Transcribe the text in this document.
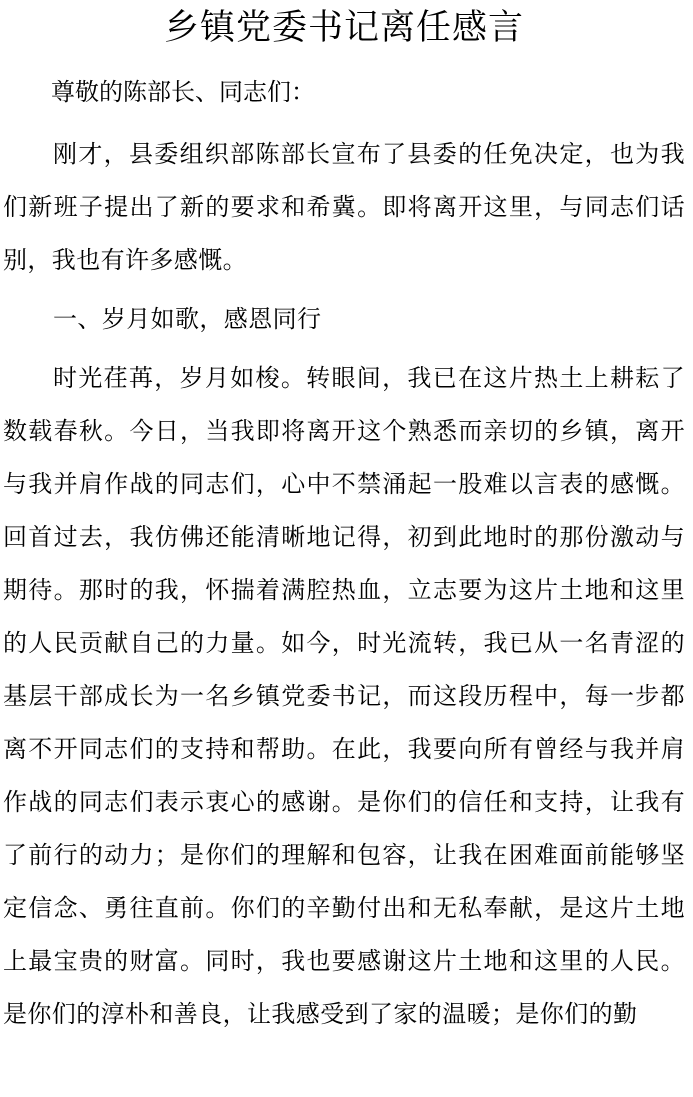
乡镇党委书记离任感言

尊敬的陈部长、同志们：

刚才，县委组织部陈部长宣布了县委的任免决定，也为我们新班子提出了新的要求和希冀。即将离开这里，与同志们话别，我也有许多感慨。

一、岁月如歌，感恩同行

时光荏苒，岁月如梭。转眼间，我已在这片热土上耕耘了数载春秋。今日，当我即将离开这个熟悉而亲切的乡镇，离开与我并肩作战的同志们，心中不禁涌起一股难以言表的感慨。回首过去，我仿佛还能清晰地记得，初到此地时的那份激动与期待。那时的我，怀揣着满腔热血，立志要为这片土地和这里的人民贡献自己的力量。如今，时光流转，我已从一名青涩的基层干部成长为一名乡镇党委书记，而这段历程中，每一步都离不开同志们的支持和帮助。在此，我要向所有曾经与我并肩作战的同志们表示衷心的感谢。是你们的信任和支持，让我有了前行的动力；是你们的理解和包容，让我在困难面前能够坚定信念、勇往直前。你们的辛勤付出和无私奉献，是这片土地上最宝贵的财富。同时，我也要感谢这片土地和这里的人民。是你们的淳朴和善良，让我感受到了家的温暖；是你们的勤
